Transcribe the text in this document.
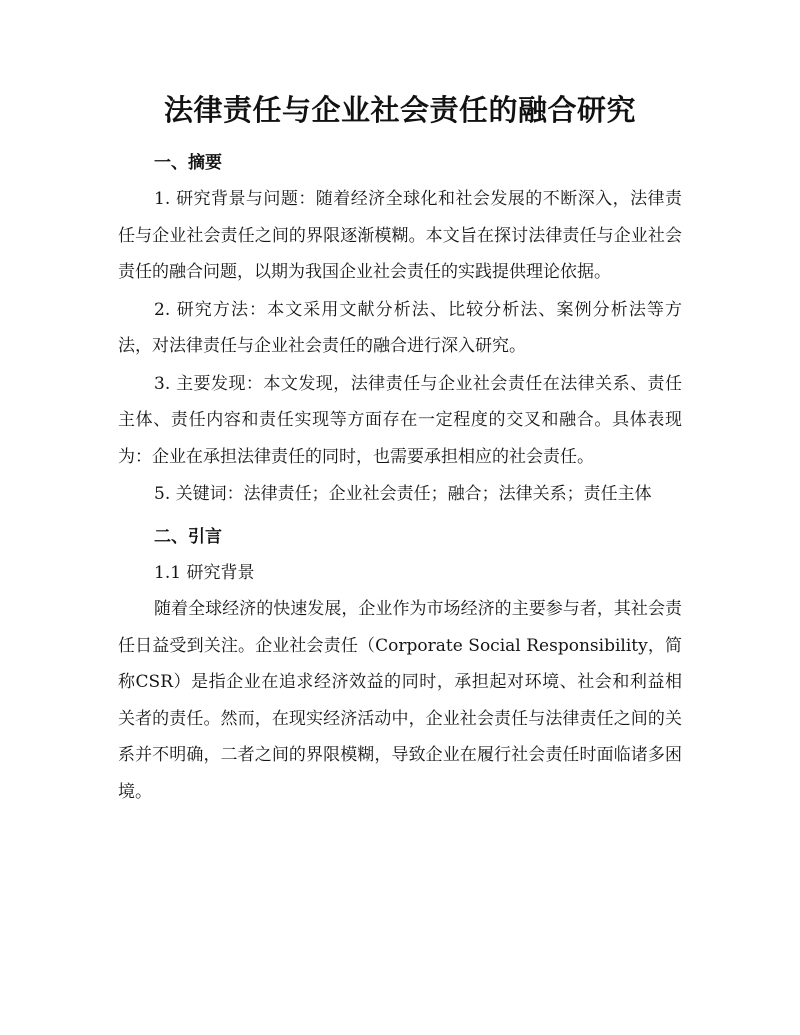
法律责任与企业社会责任的融合研究
一、摘要

1. 研究背景与问题：随着经济全球化和社会发展的不断深入，法律责任与企业社会责任之间的界限逐渐模糊。本文旨在探讨法律责任与企业社会责任的融合问题，以期为我国企业社会责任的实践提供理论依据。

2. 研究方法：本文采用文献分析法、比较分析法、案例分析法等方法，对法律责任与企业社会责任的融合进行深入研究。

3. 主要发现：本文发现，法律责任与企业社会责任在法律关系、责任主体、责任内容和责任实现等方面存在一定程度的交叉和融合。具体表现为：企业在承担法律责任的同时，也需要承担相应的社会责任。

5. 关键词：法律责任；企业社会责任；融合；法律关系；责任主体

二、引言
1.1 研究背景

随着全球经济的快速发展，企业作为市场经济的主要参与者，其社会责任日益受到关注。企业社会责任（Corporate Social Responsibility，简称CSR）是指企业在追求经济效益的同时，承担起对环境、社会和利益相关者的责任。然而，在现实经济活动中，企业社会责任与法律责任之间的关系并不明确，二者之间的界限模糊，导致企业在履行社会责任时面临诸多困境。
